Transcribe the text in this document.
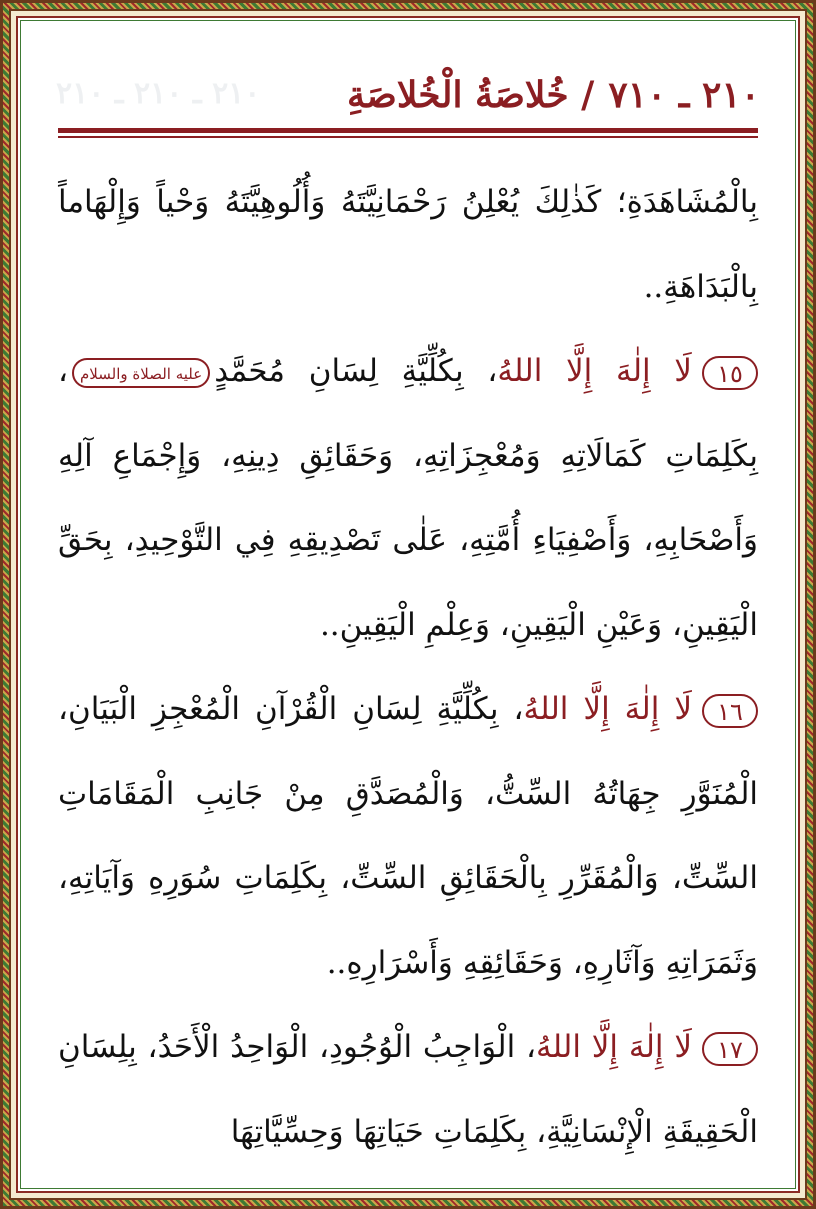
٢١٠ ـ ٧١٠/ خُلاصَةُ الْخُلاصَةِ
٢١٠ ـ ٢١٠ ـ ٢١٠

بِالْمُشَاهَدَةِ؛ كَذٰلِكَ يُعْلِنُ رَحْمَانِيَّتَهُ وَأُلُوهِيَّتَهُ وَحْياً وَإِلْهَاماً بِالْبَدَاهَةِ..

١٥لَا إِلٰهَ إِلَّا اللهُ، بِكُلِّيَّةِ لِسَانِ مُحَمَّدٍعليه الصلاة والسلام، بِكَلِمَاتِ كَمَالَاتِهِ وَمُعْجِزَاتِهِ، وَحَقَائِقِ دِينِهِ، وَإِجْمَاعِ آلِهِ وَأَصْحَابِهِ، وَأَصْفِيَاءِ أُمَّتِهِ، عَلٰى تَصْدِيقِهِ فِي التَّوْحِيدِ، بِحَقِّ الْيَقِينِ، وَعَيْنِ الْيَقِينِ، وَعِلْمِ الْيَقِينِ..

١٦لَا إِلٰهَ إِلَّا اللهُ، بِكُلِّيَّةِ لِسَانِ الْقُرْآنِ الْمُعْجِزِ الْبَيَانِ، الْمُنَوَّرِ جِهَاتُهُ السِّتُّ، وَالْمُصَدَّقِ مِنْ جَانِبِ الْمَقَامَاتِ السِّتِّ، وَالْمُقَرِّرِ بِالْحَقَائِقِ السِّتِّ، بِكَلِمَاتِ سُوَرِهِ وَآيَاتِهِ، وَثَمَرَاتِهِ وَآثَارِهِ، وَحَقَائِقِهِ وَأَسْرَارِهِ..

١٧لَا إِلٰهَ إِلَّا اللهُ، الْوَاجِبُ الْوُجُودِ، الْوَاحِدُ الْأَحَدُ، بِلِسَانِ الْحَقِيقَةِ الْإِنْسَانِيَّةِ، بِكَلِمَاتِ حَيَاتِهَا وَحِسِّيَّاتِهَا
